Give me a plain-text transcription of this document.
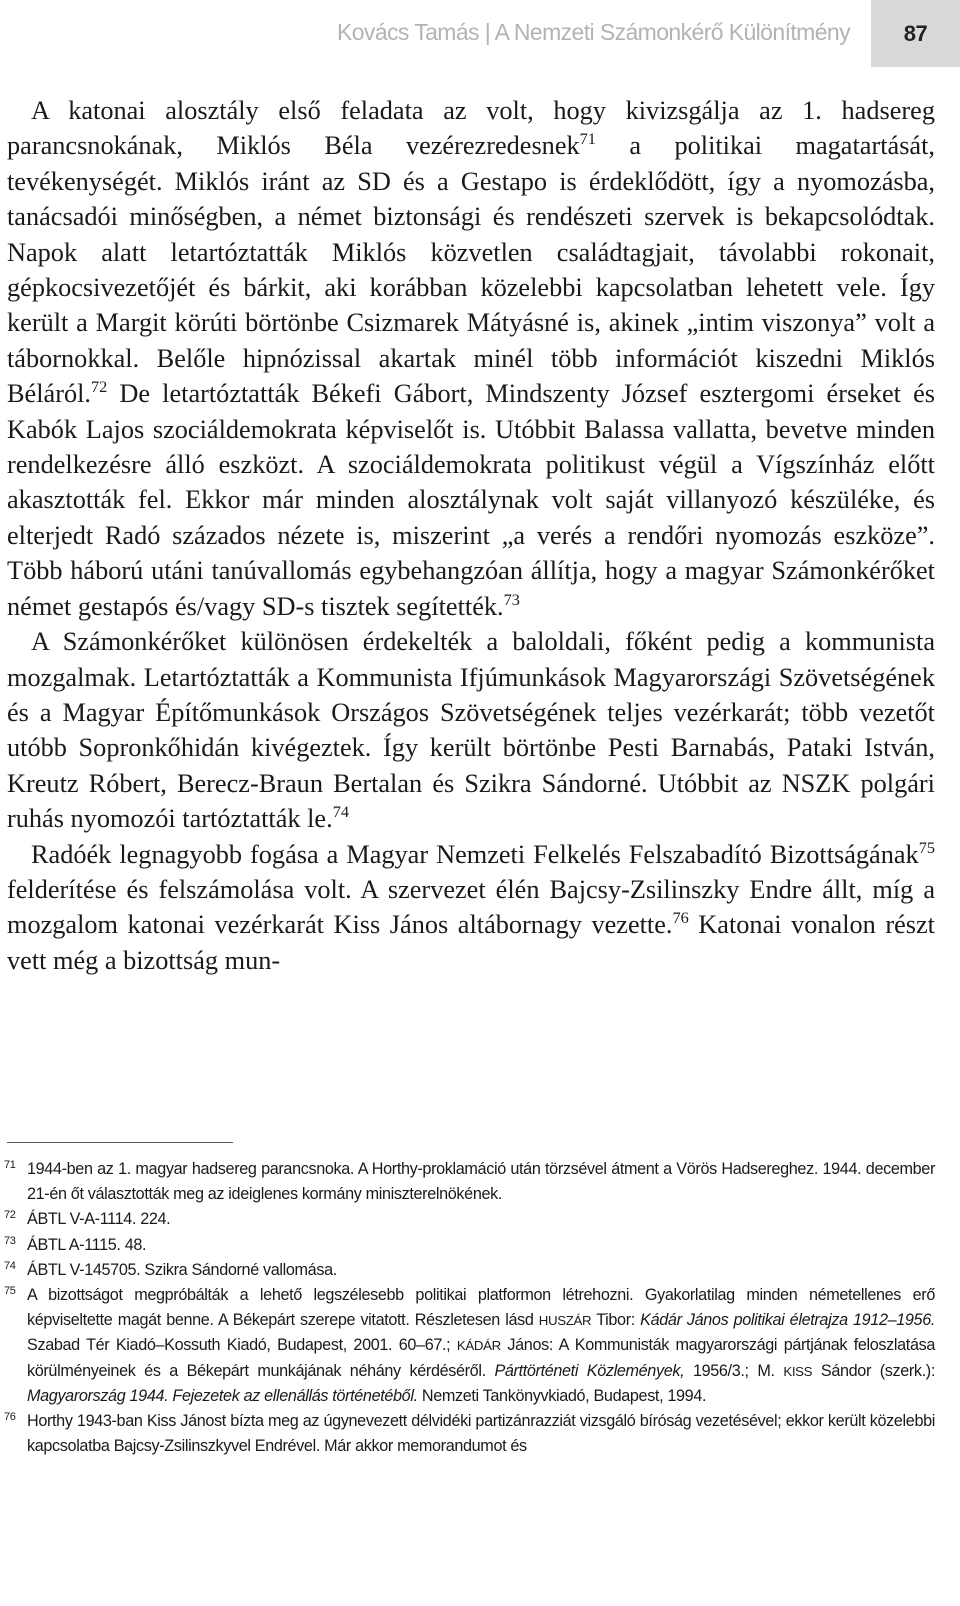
Kovács Tamás | A Nemzeti Számonkérő Különítmény 87

A katonai alosztály első feladata az volt, hogy kivizsgálja az 1. hadsereg parancsnokának, Miklós Béla vezérezredesnek$^{71}$ a politikai magatartását, tevékenységét. Miklós iránt az SD és a Gestapo is érdeklődött, így a nyomozásba, tanácsadói minőségben, a német biztonsági és rendészeti szervek is bekapcsolódtak. Napok alatt letartóztatták Miklós közvetlen családtagjait, távolabbi rokonait, gépkocsivezetőjét és bárkit, aki korábban közelebbi kapcsolatban lehetett vele. Így került a Margit körúti börtönbe Csizmarek Mátyásné is, akinek „intim viszonya” volt a tábornokkal. Belőle hipnózissal akartak minél több információt kiszedni Miklós Béláról.$^{72}$ De letartóztatták Békefi Gábort, Mindszenty József esztergomi érseket és Kabók Lajos szociáldemokrata képviselőt is. Utóbbit Balassa vallatta, bevetve minden rendelkezésre álló eszközt. A szociáldemokrata politikust végül a Vígszínház előtt akasztották fel. Ekkor már minden alosztálynak volt saját villanyozó készüléke, és elterjedt Radó százados nézete is, miszerint „a verés a rendőri nyomozás eszköze”. Több háború utáni tanúvallomás egybehangzóan állítja, hogy a magyar Számonkérőket német gestapós és/vagy SD-s tisztek segítették.$^{73}$

A Számonkérőket különösen érdekelték a baloldali, főként pedig a kommunista mozgalmak. Letartóztatták a Kommunista Ifjúmunkások Magyarországi Szövetségének és a Magyar Építőmunkások Országos Szövetségének teljes vezérkarát; több vezetőt utóbb Sopronkőhidán kivégeztek. Így került börtönbe Pesti Barnabás, Pataki István, Kreutz Róbert, Berecz-Braun Bertalan és Szikra Sándorné. Utóbbit az NSZK polgári ruhás nyomozói tartóztatták le.$^{74}$

Radóék legnagyobb fogása a Magyar Nemzeti Felkelés Felszabadító Bizottságának$^{75}$ felderítése és felszámolása volt. A szervezet élén Bajcsy-Zsilinszky Endre állt, míg a mozgalom katonai vezérkarát Kiss János altábornagy vezette.$^{76}$ Katonai vonalon részt vett még a bizottság mun-

71 1944-ben az 1. magyar hadsereg parancsnoka. A Horthy-proklamáció után törzsével átment a Vörös Hadsereghez. 1944. december 21-én őt választották meg az ideiglenes kormány miniszterelnökének.

72 ÁBTL V-A-1114. 224.

73 ÁBTL A-1115. 48.

74 ÁBTL V-145705. Szikra Sándorné vallomása.

75 A bizottságot megpróbálták a lehető legszélesebb politikai platformon létrehozni. Gyakorlatilag minden németellenes erő képviseltette magát benne. A Békepárt szerepe vitatott. Részletesen lásd HUSZÁR Tibor: Kádár János politikai életrajza 1912–1956. Szabad Tér Kiadó–Kossuth Kiadó, Budapest, 2001. 60–67.; KÁDÁR János: A Kommunisták magyarországi pártjának feloszlatása körülményeinek és a Békepárt munkájának néhány kérdéséről. Párttörténeti Közlemények, 1956/3.; M. KISS Sándor (szerk.): Magyarország 1944. Fejezetek az ellenállás történetéből. Nemzeti Tankönyvkiadó, Budapest, 1994.

76 Horthy 1943-ban Kiss Jánost bízta meg az úgynevezett délvidéki partizánrazziát vizsgáló bíróság vezetésével; ekkor került közelebbi kapcsolatba Bajcsy-Zsilinszkyvel Endrével. Már akkor memorandumot és
